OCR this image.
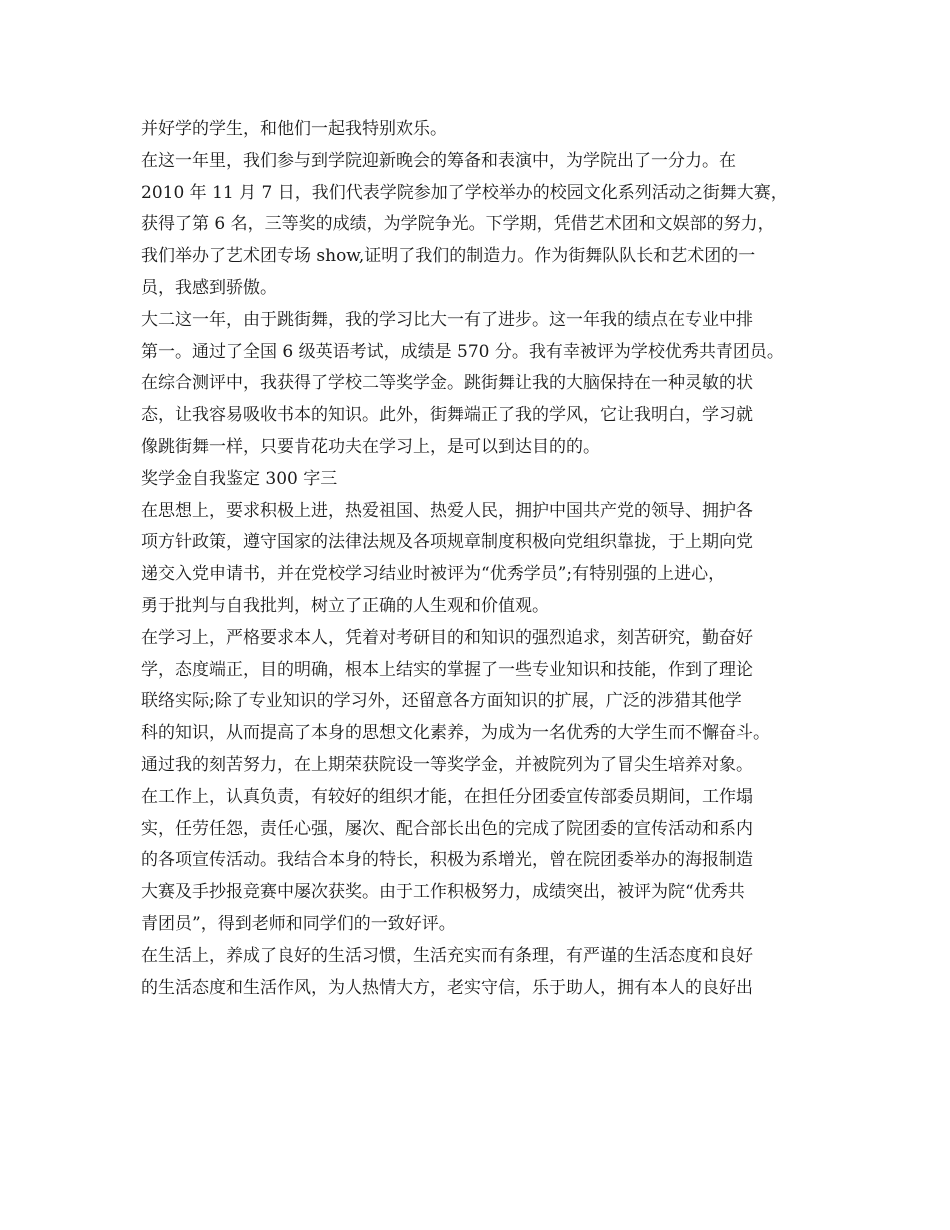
并好学的学生，和他们一起我特别欢乐。
在这一年里，我们参与到学院迎新晚会的筹备和表演中，为学院出了一分力。在
2010 年 11 月 7 日，我们代表学院参加了学校举办的校园文化系列活动之街舞大赛，
获得了第 6 名，三等奖的成绩，为学院争光。下学期，凭借艺术团和文娱部的努力，
我们举办了艺术团专场 show,证明了我们的制造力。作为街舞队队长和艺术团的一
员，我感到骄傲。
大二这一年，由于跳街舞，我的学习比大一有了进步。这一年我的绩点在专业中排
第一。通过了全国 6 级英语考试，成绩是 570 分。我有幸被评为学校优秀共青团员。
在综合测评中，我获得了学校二等奖学金。跳街舞让我的大脑保持在一种灵敏的状
态，让我容易吸收书本的知识。此外，街舞端正了我的学风，它让我明白，学习就
像跳街舞一样，只要肯花功夫在学习上，是可以到达目的的。
奖学金自我鉴定 300 字三
在思想上，要求积极上进，热爱祖国、热爱人民，拥护中国共产党的领导、拥护各
项方针政策，遵守国家的法律法规及各项规章制度积极向党组织靠拢，于上期向党
递交入党申请书，并在党校学习结业时被评为“优秀学员”;有特别强的上进心，
勇于批判与自我批判，树立了正确的人生观和价值观。
在学习上，严格要求本人，凭着对考研目的和知识的强烈追求，刻苦研究，勤奋好
学，态度端正，目的明确，根本上结实的掌握了一些专业知识和技能，作到了理论
联络实际;除了专业知识的学习外，还留意各方面知识的扩展，广泛的涉猎其他学
科的知识，从而提高了本身的思想文化素养，为成为一名优秀的大学生而不懈奋斗。
通过我的刻苦努力，在上期荣获院设一等奖学金，并被院列为了冒尖生培养对象。
在工作上，认真负责，有较好的组织才能，在担任分团委宣传部委员期间，工作塌
实，任劳任怨，责任心强，屡次、配合部长出色的完成了院团委的宣传活动和系内
的各项宣传活动。我结合本身的特长，积极为系增光，曾在院团委举办的海报制造
大赛及手抄报竞赛中屡次获奖。由于工作积极努力，成绩突出，被评为院“优秀共
青团员”，得到老师和同学们的一致好评。
在生活上，养成了良好的生活习惯，生活充实而有条理，有严谨的生活态度和良好
的生活态度和生活作风，为人热情大方，老实守信，乐于助人，拥有本人的良好出
